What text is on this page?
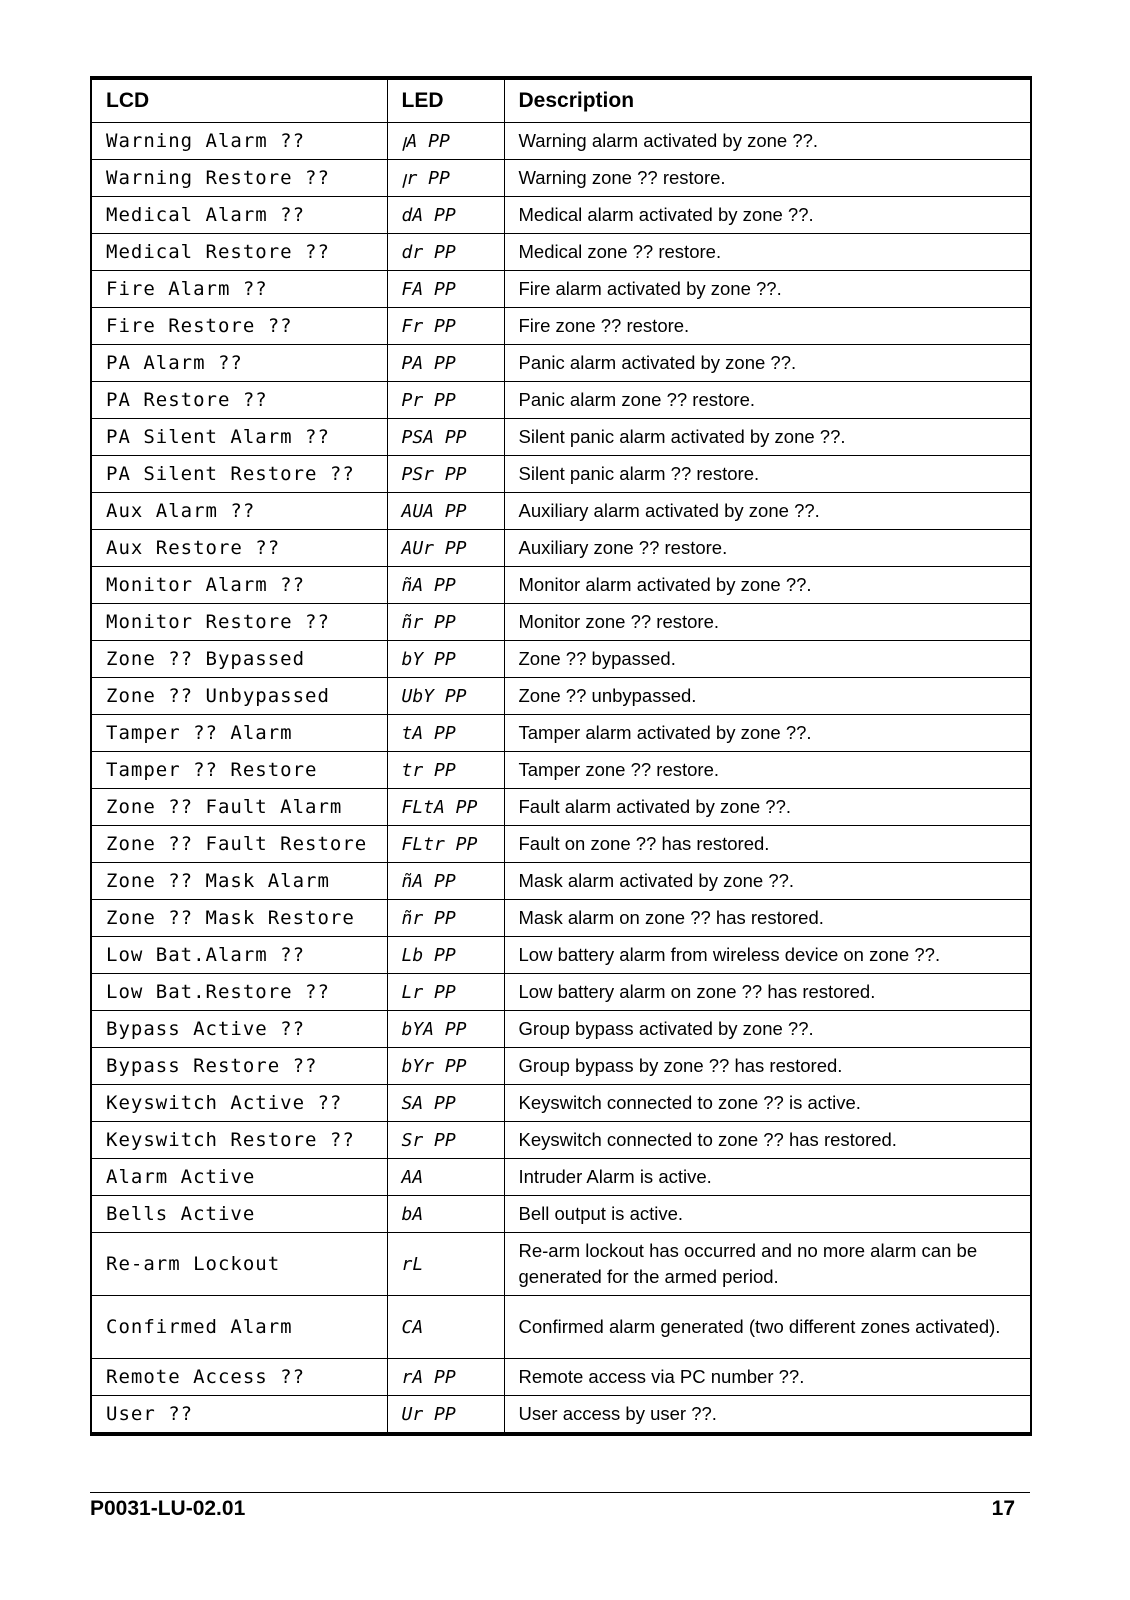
LCD	LED	Description
Warning Alarm ??	ꞁA PP	Warning alarm activated by zone ??.
Warning Restore ??	ꞁr PP	Warning zone ?? restore.
Medical Alarm ??	dA PP	Medical alarm activated by zone ??.
Medical Restore ??	dr PP	Medical zone ?? restore.
Fire Alarm ??	FA PP	Fire alarm activated by zone ??.
Fire Restore ??	Fr PP	Fire zone ?? restore.
PA Alarm ??	PA PP	Panic alarm activated by zone ??.
PA Restore ??	Pr PP	Panic alarm zone ?? restore.
PA Silent Alarm ??	PSA PP	Silent panic alarm activated by zone ??.
PA Silent Restore ??	PSr PP	Silent panic alarm ?? restore.
Aux Alarm ??	AUA PP	Auxiliary alarm activated by zone ??.
Aux Restore ??	AUr PP	Auxiliary zone ?? restore.
Monitor Alarm ??	ñA PP	Monitor alarm activated by zone ??.
Monitor Restore ??	ñr PP	Monitor zone ?? restore.
Zone ?? Bypassed	bY PP	Zone ?? bypassed.
Zone ?? Unbypassed	UbY PP	Zone ?? unbypassed.
Tamper ?? Alarm	tA PP	Tamper alarm activated by zone ??.
Tamper ?? Restore	tr PP	Tamper zone ?? restore.
Zone ?? Fault Alarm	FLtA PP	Fault alarm activated by zone ??.
Zone ?? Fault Restore	FLtr PP	Fault on zone ?? has restored.
Zone ?? Mask Alarm	ñA PP	Mask alarm activated by zone ??.
Zone ?? Mask Restore	ñr PP	Mask alarm on zone ?? has restored.
Low Bat.Alarm ??	Lb PP	Low battery alarm from wireless device on zone ??.
Low Bat.Restore ??	Lr PP	Low battery alarm on zone ?? has restored.
Bypass Active ??	bYA PP	Group bypass activated by zone ??.
Bypass Restore ??	bYr PP	Group bypass by zone ?? has restored.
Keyswitch Active ??	SA PP	Keyswitch connected to zone ?? is active.
Keyswitch Restore ??	Sr PP	Keyswitch connected to zone ?? has restored.
Alarm Active	AA	Intruder Alarm is active.
Bells Active	bA	Bell output is active.
Re-arm Lockout	rL	Re-arm lockout has occurred and no more alarm can be generated for the armed period.
Confirmed Alarm	CA	Confirmed alarm generated (two different zones activated).
Remote Access ??	rA PP	Remote access via PC number ??.
User ??	Ur PP	User access by user ??.
P0031-LU-02.01	17
